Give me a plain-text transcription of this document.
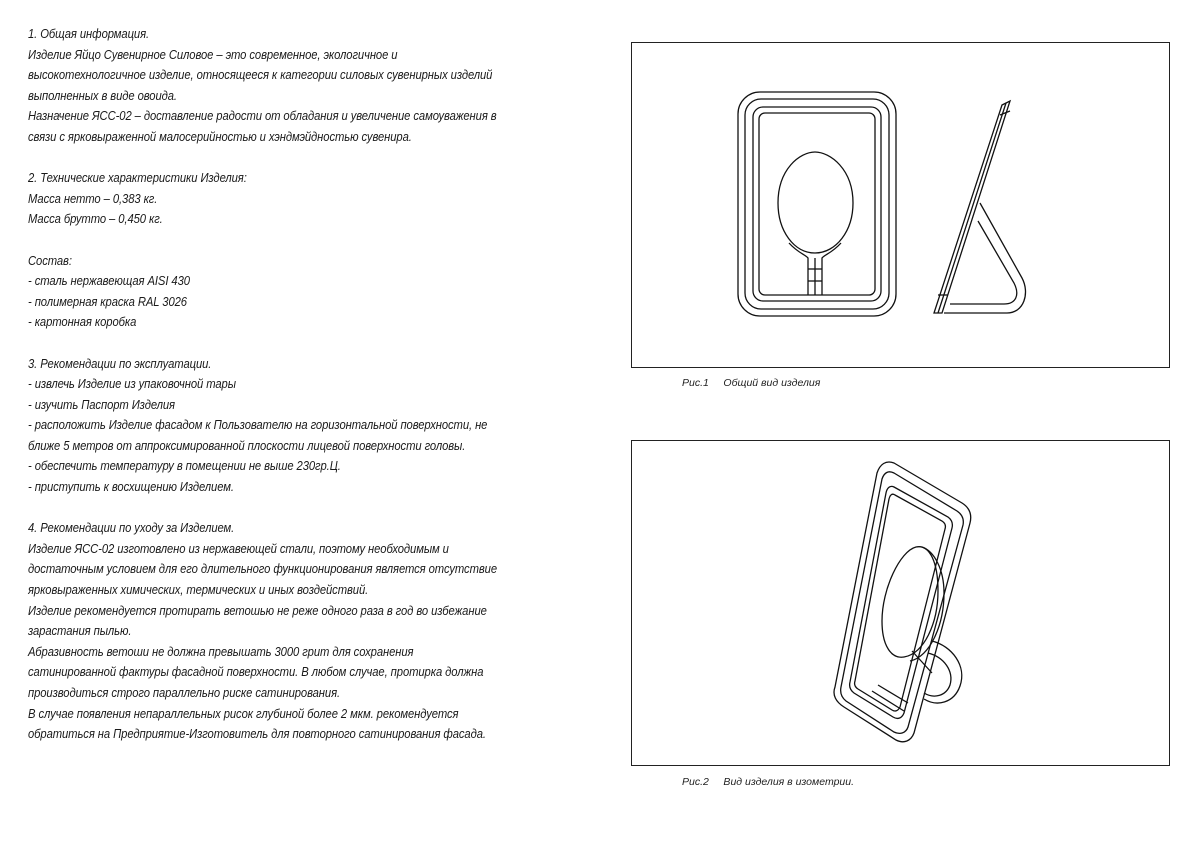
1. Общая информация.

Изделие Яйцо Сувенирное Силовое – это современное, экологичное и

высокотехнологичное изделие, относящееся к категории силовых сувенирных изделий

выполненных в виде овоида.

Назначение ЯСС-02 – доставление радости от обладания и увеличение самоуважения в

связи с ярковыраженной малосерийностью и хэндмэйдностью сувенира.

2. Технические характеристики Изделия:

Масса нетто – 0,383 кг.

Масса брутто – 0,450 кг.

Состав:

- сталь нержавеющая AISI 430

- полимерная краска RAL 3026

- картонная коробка

3. Рекомендации по эксплуатации.

- извлечь Изделие из упаковочной тары

- изучить Паспорт Изделия

- расположить Изделие фасадом к Пользователю на горизонтальной поверхности, не

ближе 5 метров от аппроксимированной плоскости лицевой поверхности головы.

- обеспечить температуру в помещении не выше 230гр.Ц.

- приступить к восхищению Изделием.

4. Рекомендации по уходу за Изделием.

Изделие ЯСС-02 изготовлено из нержавеющей стали, поэтому необходимым и

достаточным условием для его длительного функционирования является отсутствие

ярковыраженных химических, термических и иных воздействий.

Изделие рекомендуется протирать ветошью не реже одного раза в год во избежание

зарастания пылью.

Абразивность ветоши не должна превышать 3000 грит для сохранения

сатинированной фактуры фасадной поверхности. В любом случае, протирка должна

производиться строго параллельно риске сатинирования.

В случае появления непараллельных рисок глубиной более 2 мкм. рекомендуется

обратиться на Предприятие-Изготовитель для повторного сатинирования фасада.

Рис.1     Общий вид изделия
Рис.2     Вид изделия в изометрии.
